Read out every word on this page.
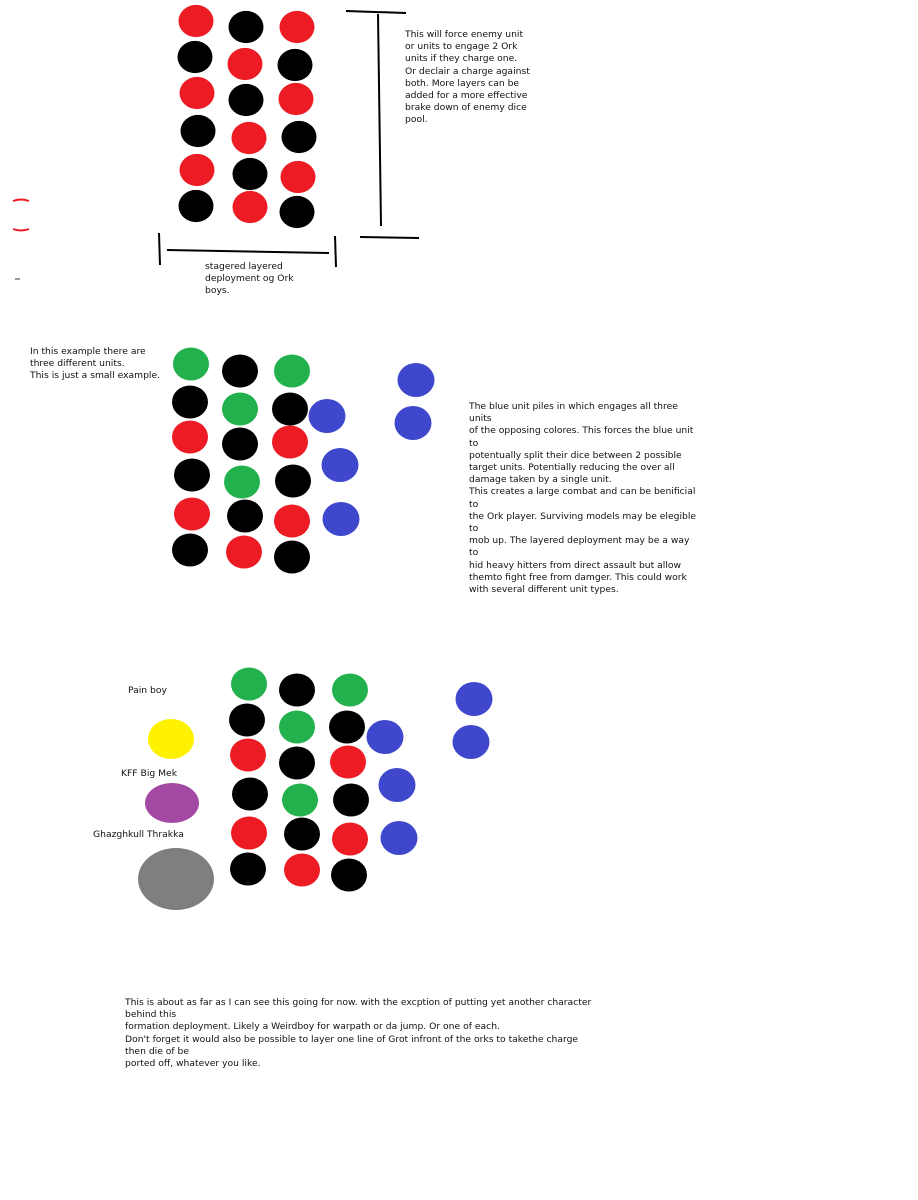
This will force enemy unit
or units to engage 2 Ork
units if they charge one.
Or declair a charge against
both. More layers can be
added for a more effective
brake down of enemy dice
pool.
stagered layered
deployment og Ork
boys.
In this example there are
three different units.
This is just a small example.
The blue unit piles in which engages all three units
of the opposing colores. This forces the blue unit to
potentually split their dice between 2 possible
target units. Potentially reducing the over all
damage taken by a single unit.
This creates a large combat and can be benificial to
the Ork player. Surviving models may be elegible to
mob up. The layered deployment may be a way to
hid heavy hitters from direct assault but allow
themto fight free from damger. This could work
with several different unit types.
Pain boy
KFF Big Mek
Ghazghkull Thrakka
This is about as far as I can see this going for now. with the excption of putting yet another character behind this
formation deployment. Likely a Weirdboy for warpath or da jump. Or one of each.
Don't forget it would also be possible to layer one line of Grot infront of the orks to takethe charge then die of be
ported off, whatever you like.
